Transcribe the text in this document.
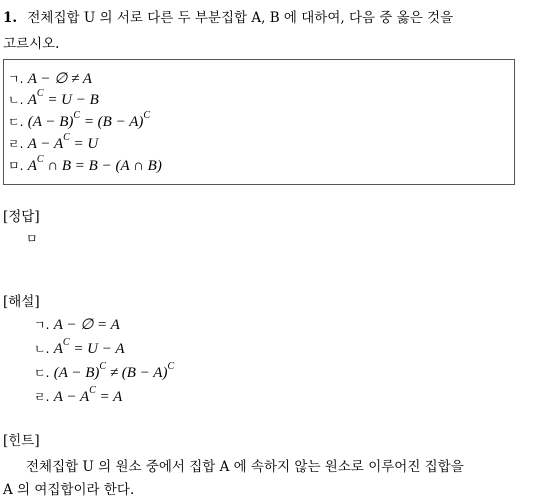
1. 전체집합 U 의 서로 다른 두 부분집합 A, B 에 대하여, 다음 중 옳은 것을
고르시오.
ㄱ. A − ∅ ≠ A
ㄴ. $A^C = U - B$
ㄷ. $(A - B)^C = (B - A)^C$
ㄹ. $A - A^C = U$
ㅁ. $A^C$ ∩ B = B − (A ∩ B)
[정답]
ㅁ
[해설]
ㄱ. A − ∅ = A
ㄴ. $A^C = U - A$
ㄷ. $(A - B)^C \ne (B - A)^C$
ㄹ. $A - A^C = A$
[힌트]
전체집합 U 의 원소 중에서 집합 A 에 속하지 않는 원소로 이루어진 집합을
A 의 여집합이라 한다.
